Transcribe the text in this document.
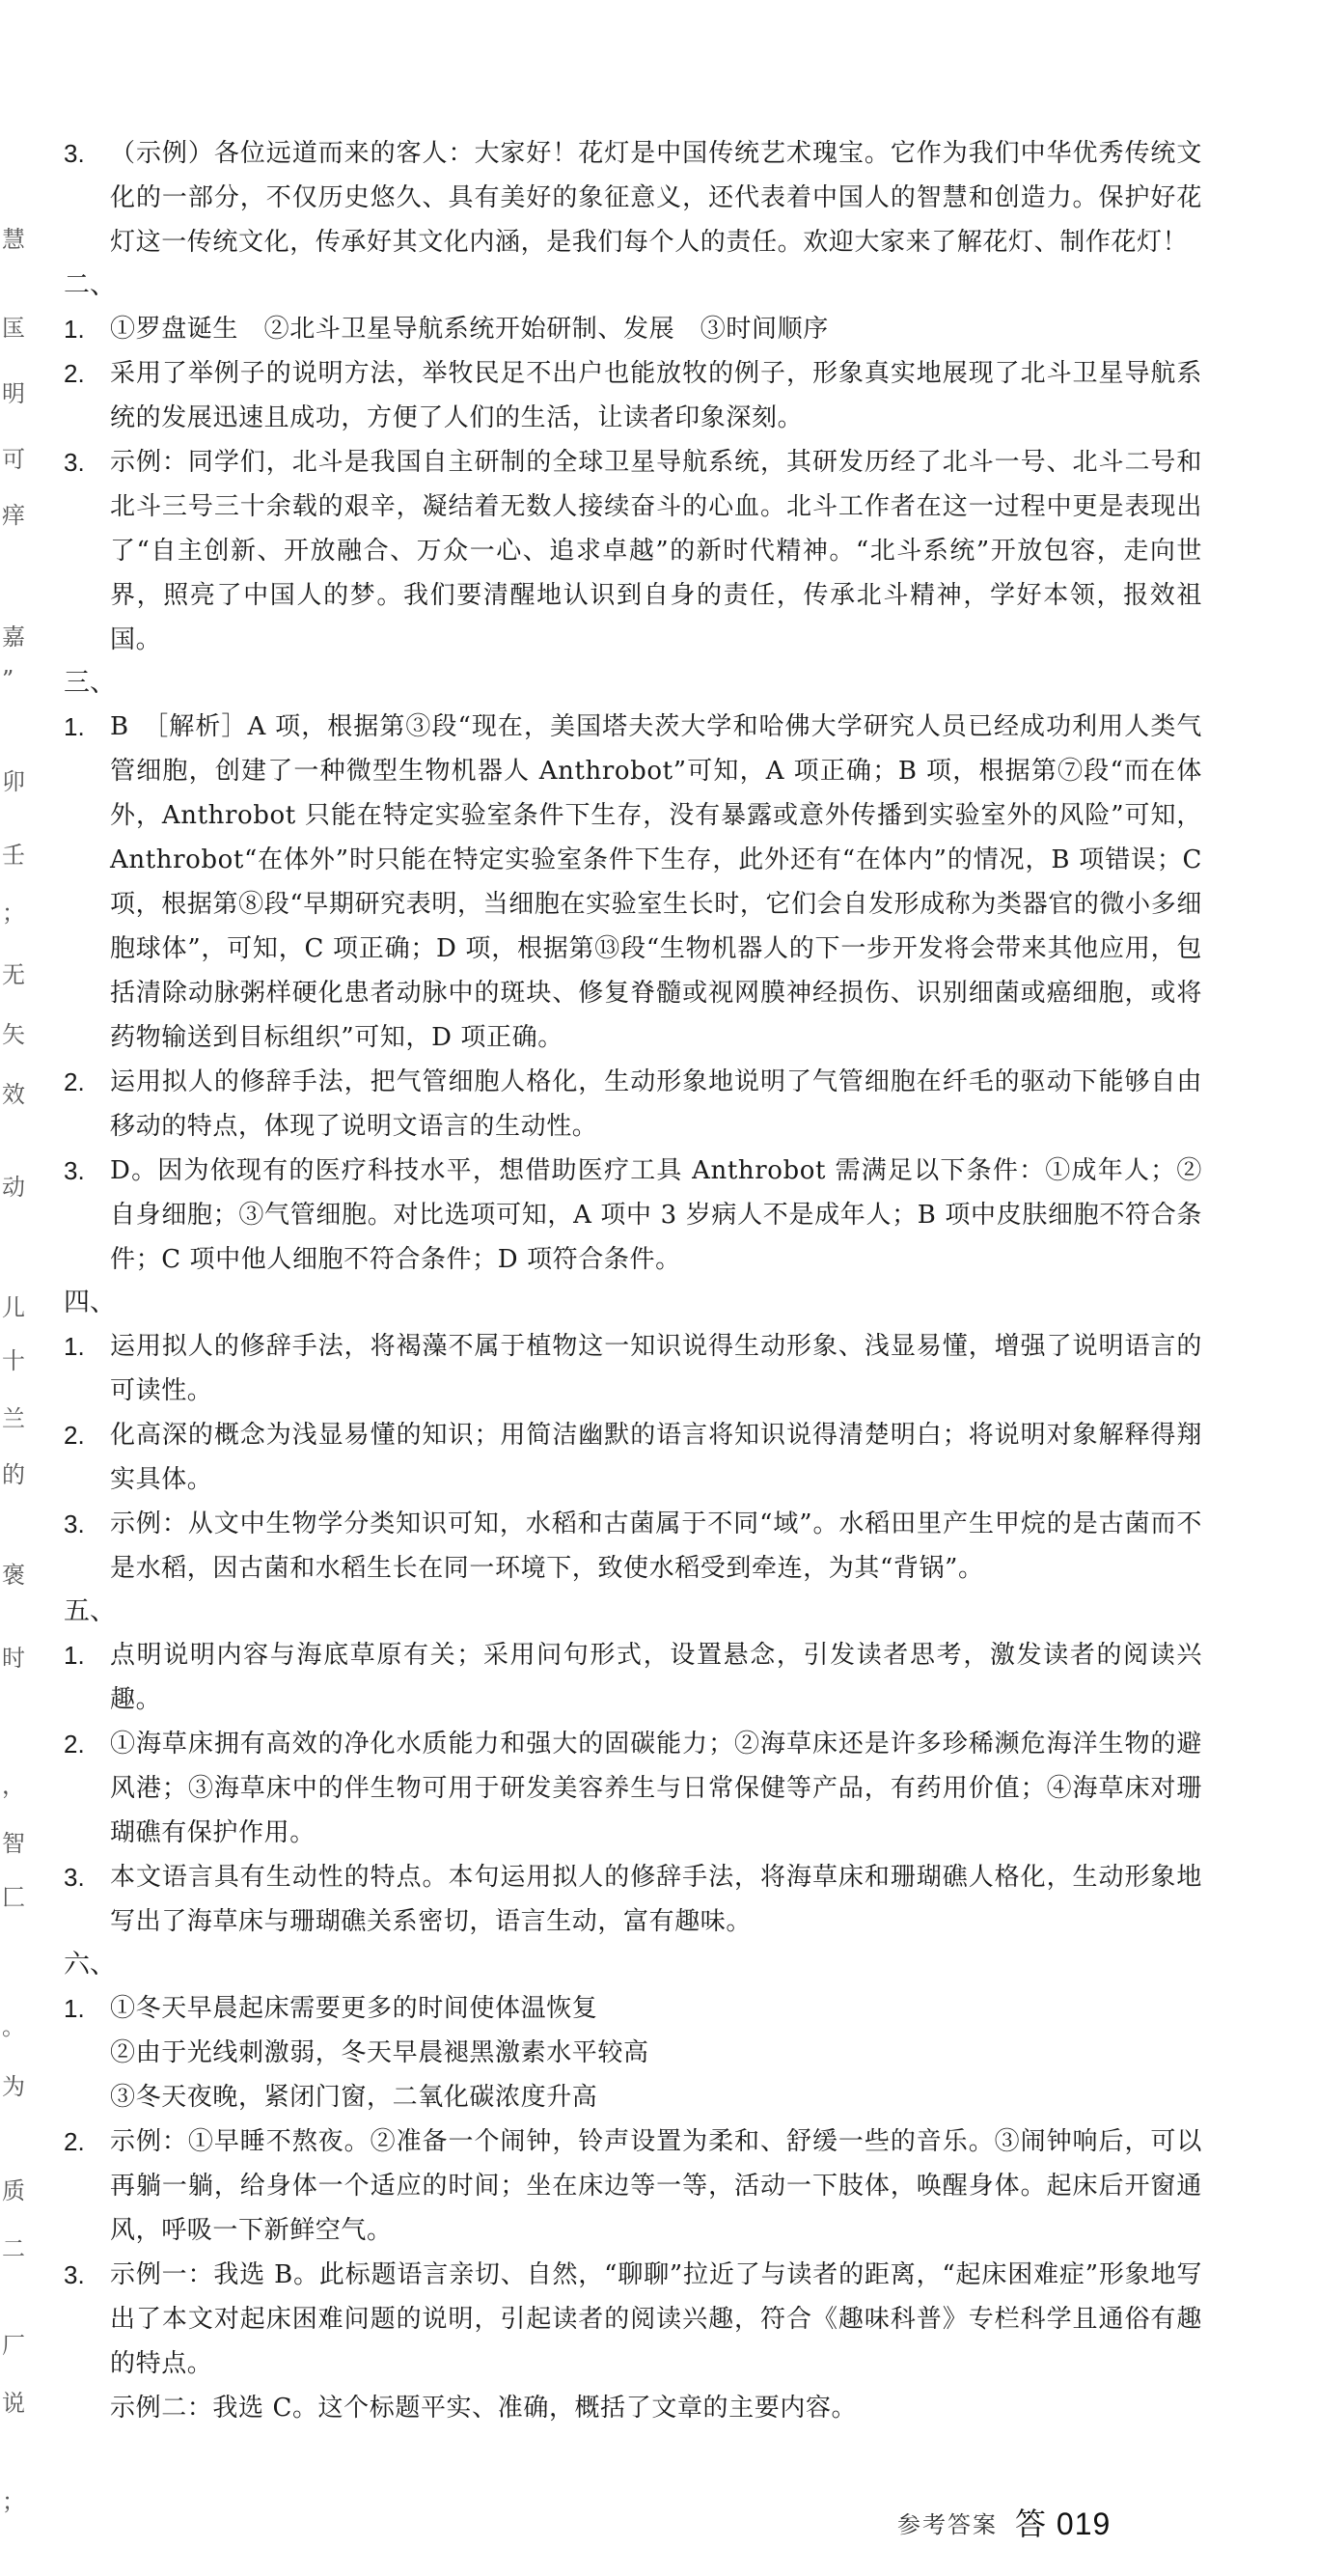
慧
匤
明
可
痒
嘉
”
卯
壬
；
无
矢
效
动
儿
十
兰
的
褒
时
，
智
匚
。
为
质
二
厂
说
；
3. （示例）各位远道而来的客人：大家好！花灯是中国传统艺术瑰宝。它作为我们中华优秀传统文化的一部分，不仅历史悠久、具有美好的象征意义，还代表着中国人的智慧和创造力。保护好花灯这一传统文化，传承好其文化内涵，是我们每个人的责任。欢迎大家来了解花灯、制作花灯！

二、
1. ①罗盘诞生　②北斗卫星导航系统开始研制、发展　③时间顺序

2. 采用了举例子的说明方法，举牧民足不出户也能放牧的例子，形象真实地展现了北斗卫星导航系统的发展迅速且成功，方便了人们的生活，让读者印象深刻。

3. 示例：同学们，北斗是我国自主研制的全球卫星导航系统，其研发历经了北斗一号、北斗二号和北斗三号三十余载的艰辛，凝结着无数人接续奋斗的心血。北斗工作者在这一过程中更是表现出了“自主创新、开放融合、万众一心、追求卓越”的新时代精神。“北斗系统”开放包容，走向世界，照亮了中国人的梦。我们要清醒地认识到自身的责任，传承北斗精神，学好本领，报效祖国。

三、
1. B　［解析］A 项，根据第③段“现在，美国塔夫茨大学和哈佛大学研究人员已经成功利用人类气管细胞，创建了一种微型生物机器人 Anthrobot”可知，A 项正确；B 项，根据第⑦段“而在体外，Anthrobot 只能在特定实验室条件下生存，没有暴露或意外传播到实验室外的风险”可知，Anthrobot“在体外”时只能在特定实验室条件下生存，此外还有“在体内”的情况，B 项错误；C 项，根据第⑧段“早期研究表明，当细胞在实验室生长时，它们会自发形成称为类器官的微小多细胞球体”，可知，C 项正确；D 项，根据第⑬段“生物机器人的下一步开发将会带来其他应用，包括清除动脉粥样硬化患者动脉中的斑块、修复脊髓或视网膜神经损伤、识别细菌或癌细胞，或将药物输送到目标组织”可知，D 项正确。

2. 运用拟人的修辞手法，把气管细胞人格化，生动形象地说明了气管细胞在纤毛的驱动下能够自由移动的特点，体现了说明文语言的生动性。

3. D。因为依现有的医疗科技水平，想借助医疗工具 Anthrobot 需满足以下条件：①成年人；②自身细胞；③气管细胞。对比选项可知，A 项中 3 岁病人不是成年人；B 项中皮肤细胞不符合条件；C 项中他人细胞不符合条件；D 项符合条件。

四、
1. 运用拟人的修辞手法，将褐藻不属于植物这一知识说得生动形象、浅显易懂，增强了说明语言的可读性。

2. 化高深的概念为浅显易懂的知识；用简洁幽默的语言将知识说得清楚明白；将说明对象解释得翔实具体。

3. 示例：从文中生物学分类知识可知，水稻和古菌属于不同“域”。水稻田里产生甲烷的是古菌而不是水稻，因古菌和水稻生长在同一环境下，致使水稻受到牵连，为其“背锅”。

五、
1. 点明说明内容与海底草原有关；采用问句形式，设置悬念，引发读者思考，激发读者的阅读兴趣。

2. ①海草床拥有高效的净化水质能力和强大的固碳能力；②海草床还是许多珍稀濒危海洋生物的避风港；③海草床中的伴生物可用于研发美容养生与日常保健等产品，有药用价值；④海草床对珊瑚礁有保护作用。

3. 本文语言具有生动性的特点。本句运用拟人的修辞手法，将海草床和珊瑚礁人格化，生动形象地写出了海草床与珊瑚礁关系密切，语言生动，富有趣味。

六、
1. ①冬天早晨起床需要更多的时间使体温恢复

②由于光线刺激弱，冬天早晨褪黑激素水平较高

③冬天夜晚，紧闭门窗，二氧化碳浓度升高

2. 示例：①早睡不熬夜。②准备一个闹钟，铃声设置为柔和、舒缓一些的音乐。③闹钟响后，可以再躺一躺，给身体一个适应的时间；坐在床边等一等，活动一下肢体，唤醒身体。起床后开窗通风，呼吸一下新鲜空气。

3. 示例一：我选 B。此标题语言亲切、自然，“聊聊”拉近了与读者的距离，“起床困难症”形象地写出了本文对起床困难问题的说明，引起读者的阅读兴趣，符合《趣味科普》专栏科学且通俗有趣的特点。

示例二：我选 C。这个标题平实、准确，概括了文章的主要内容。

参考答案 答 019
